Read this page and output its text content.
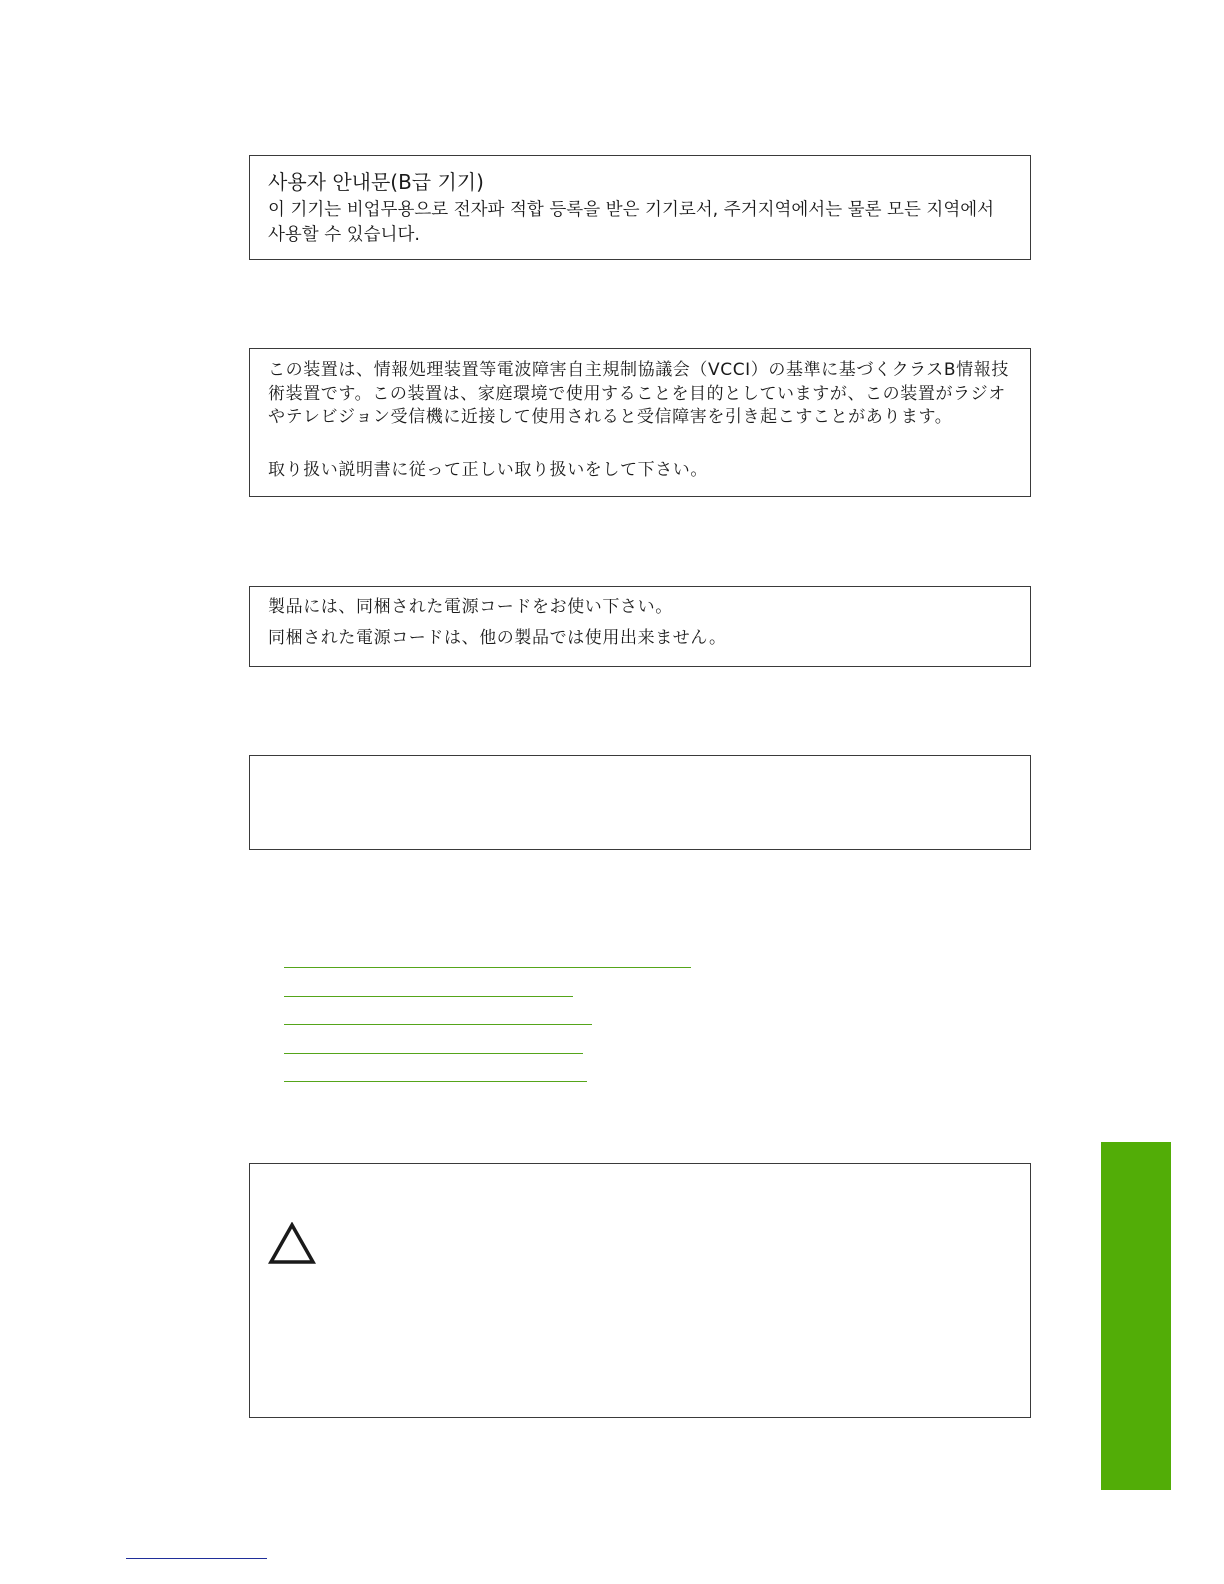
사용자 안내문(B급 기기)
이 기기는 비업무용으로 전자파 적합 등록을 받은 기기로서, 주거지역에서는 물론 모든 지역에서 사용할 수 있습니다.
この装置は、情報処理装置等電波障害自主規制協議会（VCCI）の基準に基づくクラスB情報技術装置です。この装置は、家庭環境で使用することを目的としていますが、この装置がラジオやテレビジョン受信機に近接して使用されると受信障害を引き起こすことがあります。
取り扱い説明書に従って正しい取り扱いをして下さい。
製品には、同梱された電源コードをお使い下さい。
同梱された電源コードは、他の製品では使用出来ません。
